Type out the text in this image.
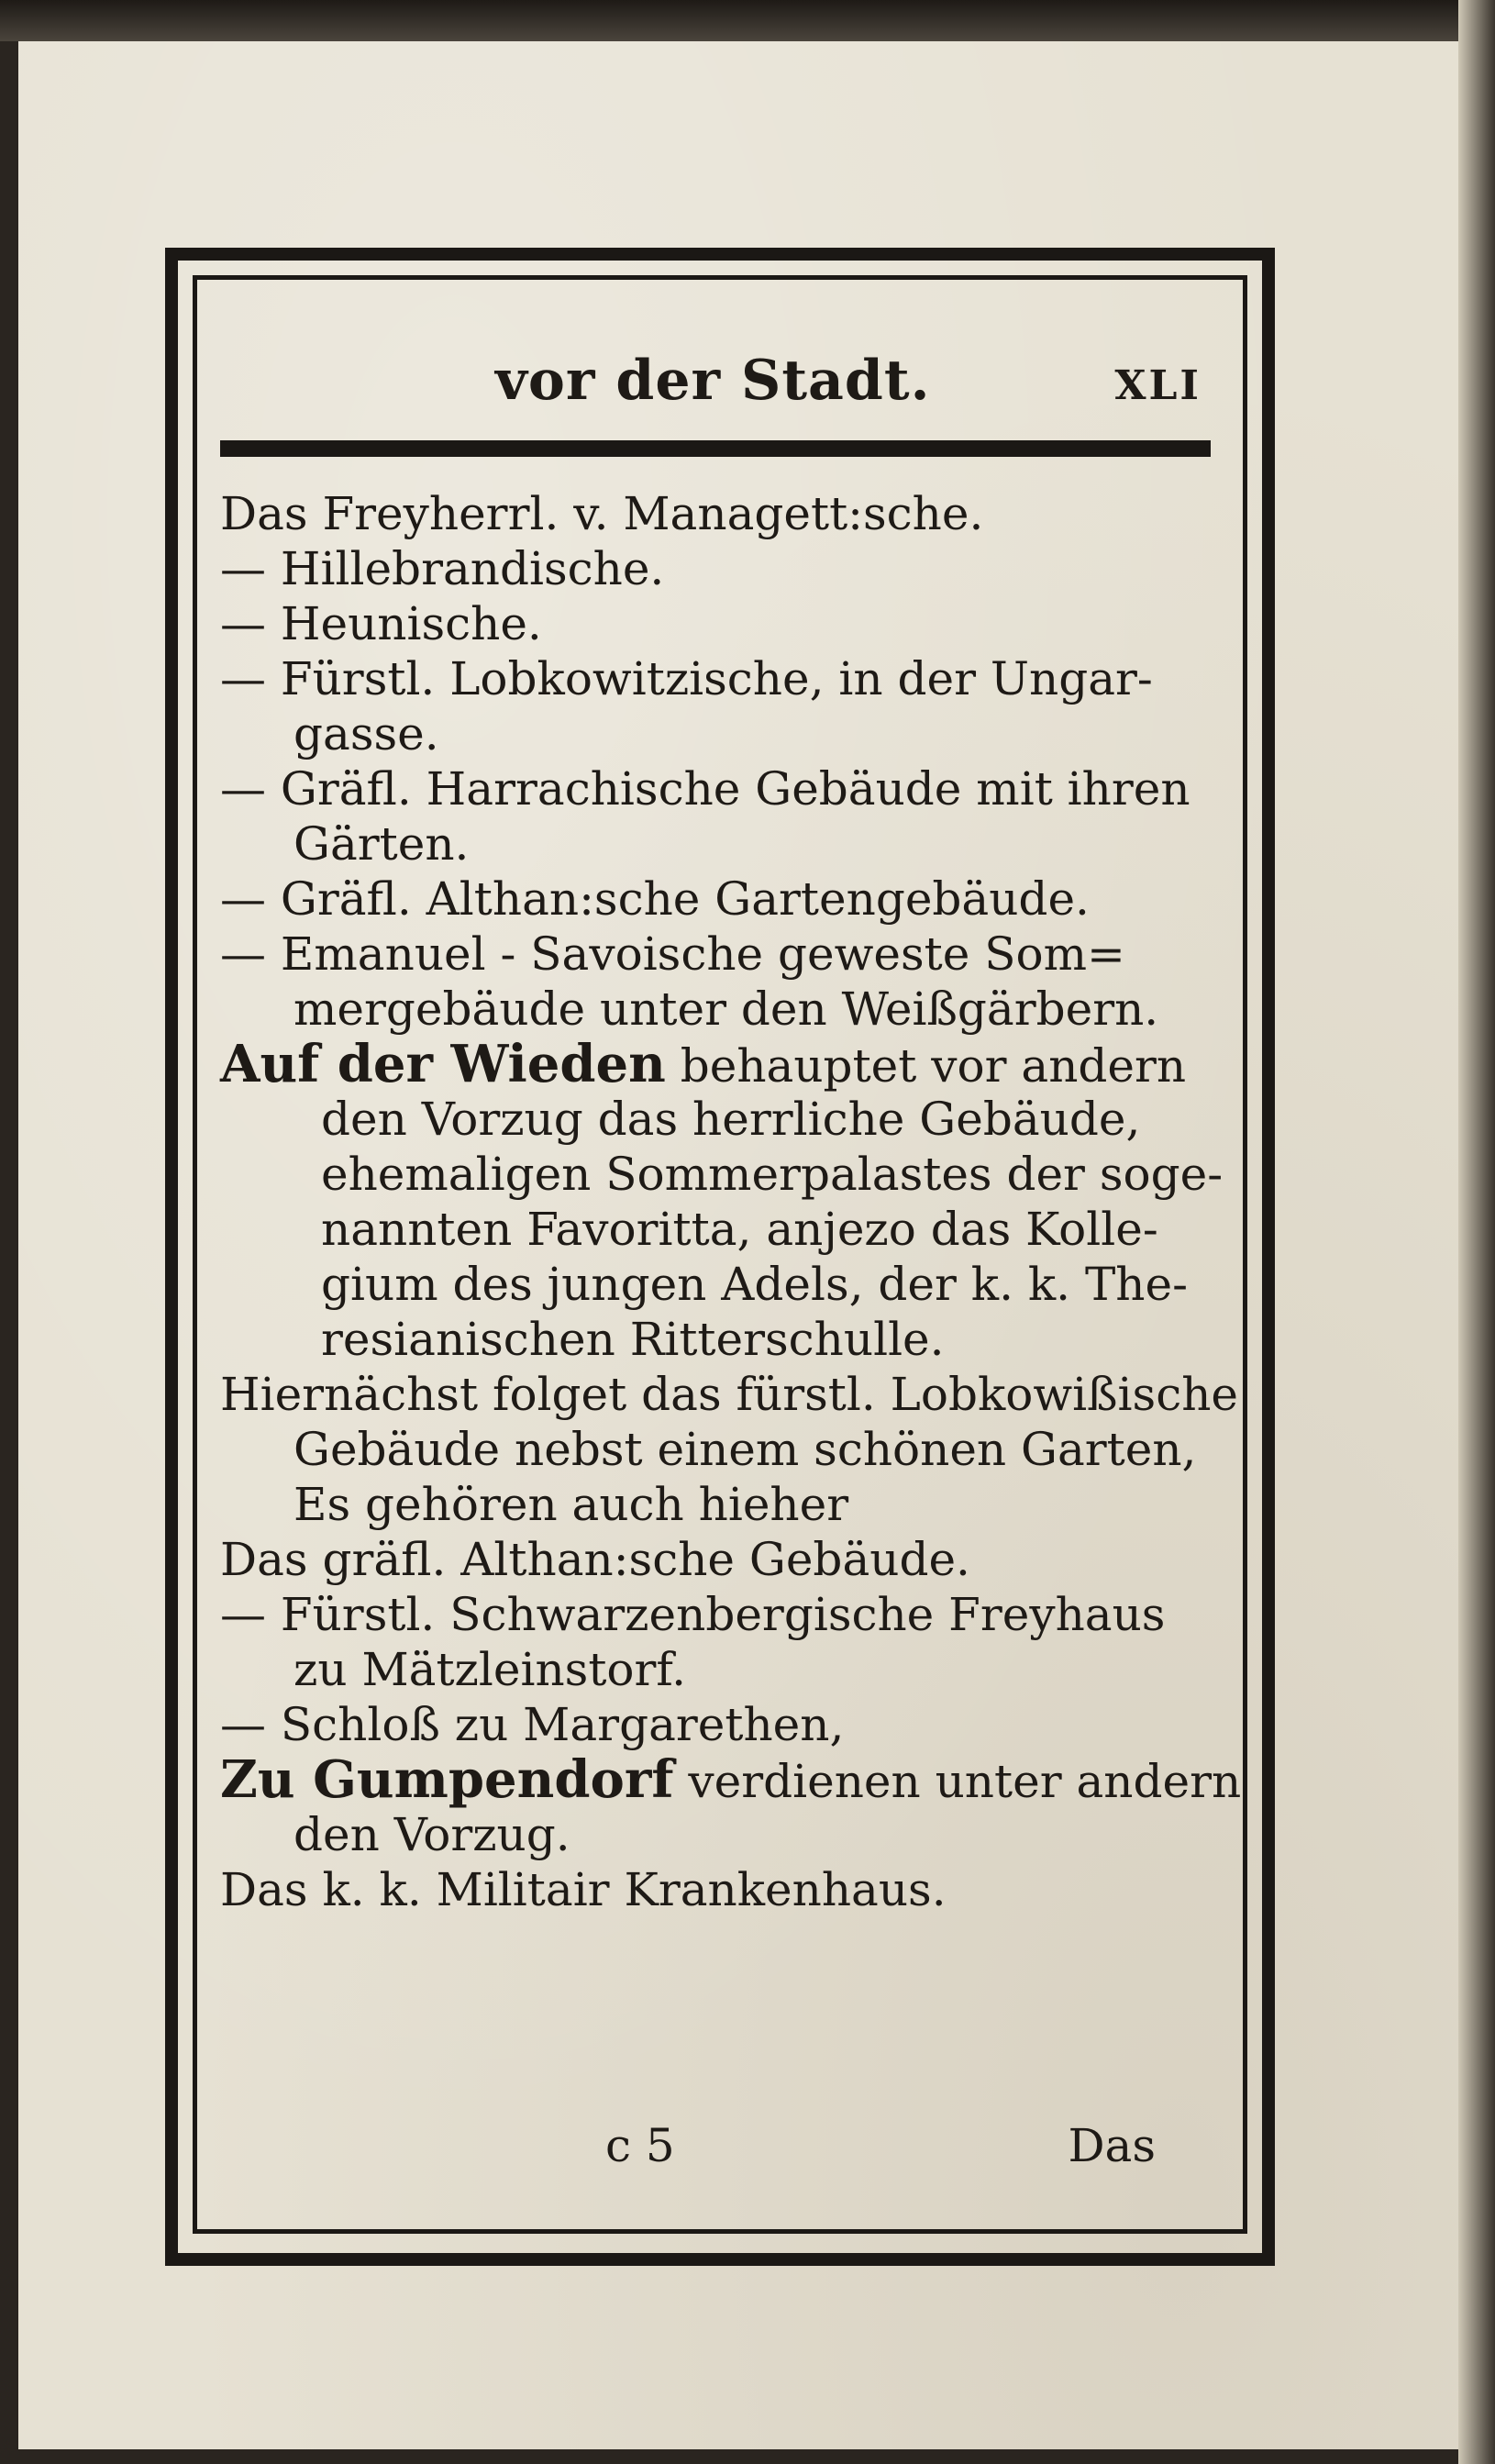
vor der Stadt.	XLI
Das Freyherrl. v. Managett:sche.
— Hillebrandische.
— Heunische.
— Fürstl. Lobkowitzische, in der Ungar-
gasse.
— Gräfl. Harrachische Gebäude mit ihren
Gärten.
— Gräfl. Althan:sche Gartengebäude.
— Emanuel - Savoische geweste Som=
mergebäude unter den Weißgärbern.
Auf der Wieden behauptet vor andern
den Vorzug das herrliche Gebäude,
ehemaligen Sommerpalastes der soge-
nannten Favoritta, anjezo das Kolle-
gium des jungen Adels, der k. k. The-
resianischen Ritterschulle.
Hiernächst folget das fürstl. Lobkowißische
Gebäude nebst einem schönen Garten,
Es gehören auch hieher
Das gräfl. Althan:sche Gebäude.
— Fürstl. Schwarzenbergische Freyhaus
zu Mätzleinstorf.
— Schloß zu Margarethen,
Zu Gumpendorf verdienen unter andern
den Vorzug.
Das k. k. Militair Krankenhaus.
c 5	Das
